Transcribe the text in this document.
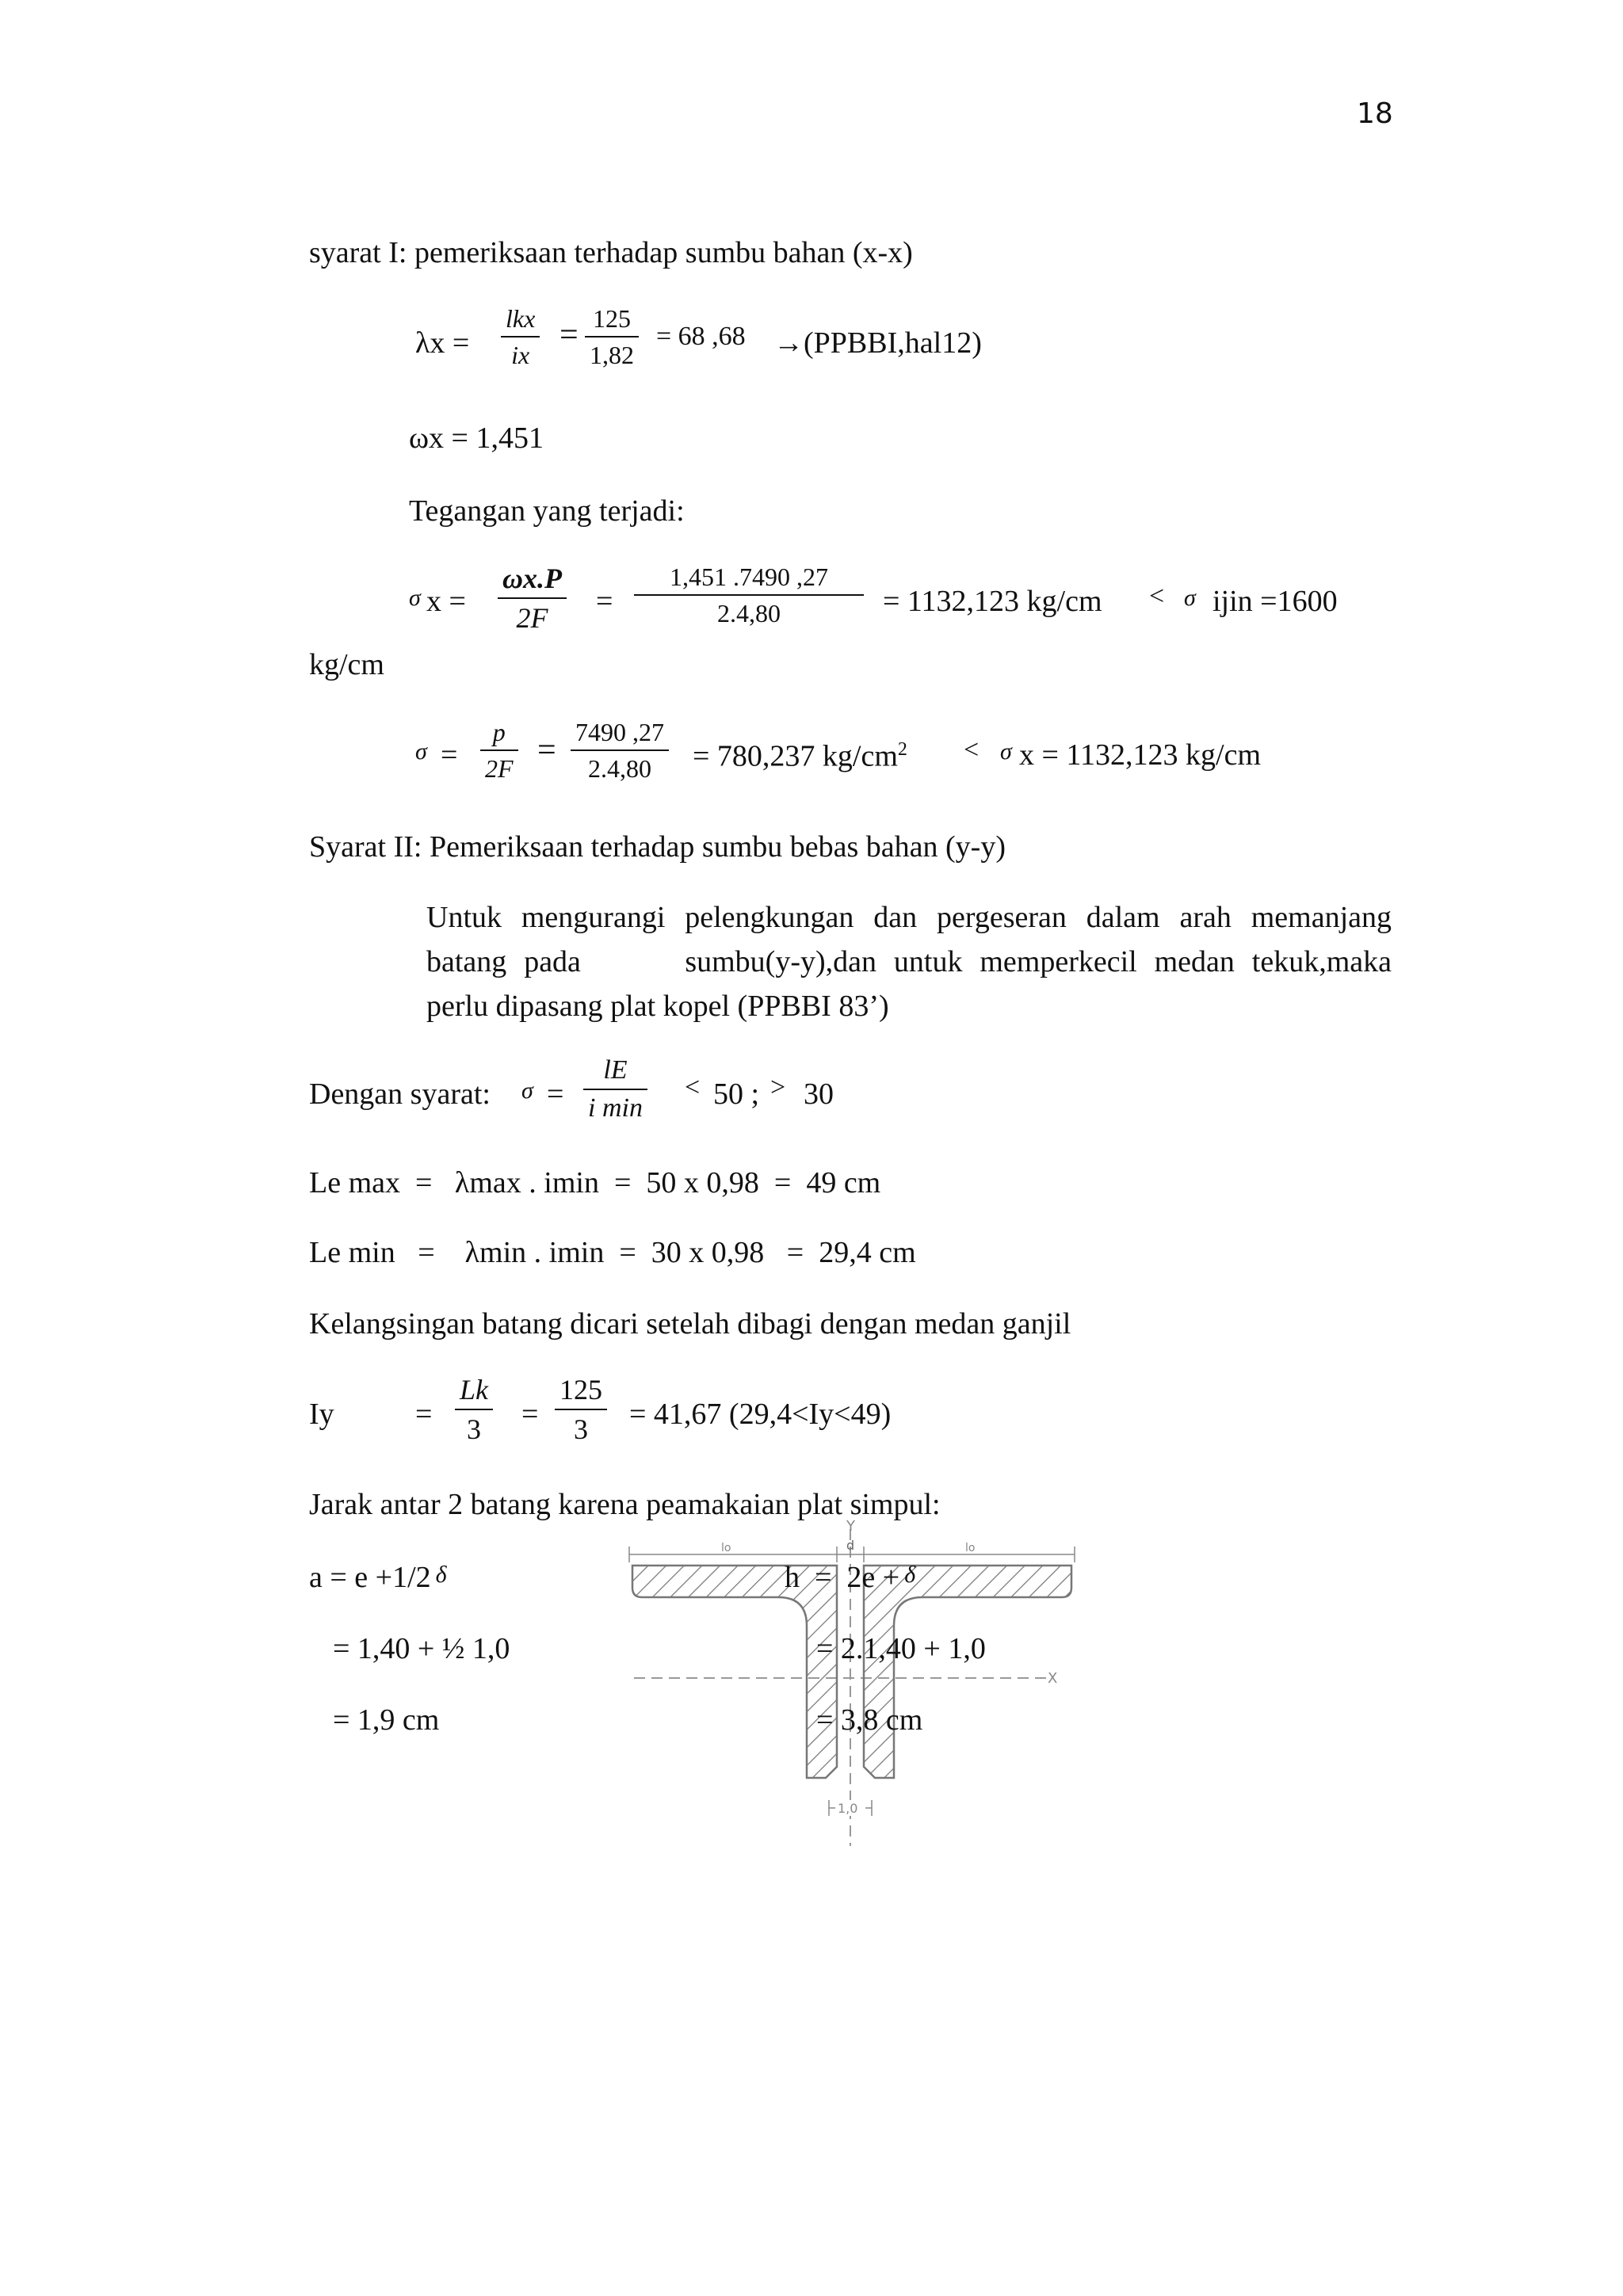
18
syarat I: pemeriksaan terhadap sumbu bahan (x-x)
λx =
lkx
ix
= $\frac{125}{1,82} = 68$ ,68 →(PPBBI,hal12)
ωx = 1,451
Tegangan yang terjadi:
σ $x = \frac{\omega x.P}{2F} = \frac{1,451 .7490 ,27}{2.4,80} = 1132,123$ kg/cm < σ ijin =1600
kg/cm
$\sigma = \frac{p}{2F} = \frac{7490 ,27}{2.4,80} = 780,237$ $kg/cm^2 < \sigma$ x = 1132,123 kg/cm
Syarat II: Pemeriksaan terhadap sumbu bebas bahan (y-y)
Untuk mengurangi pelengkungan dan pergeseran dalam arah memanjang
batang pada      sumbu(y-y),dan untuk memperkecil medan tekuk,maka
perlu dipasang plat kopel (PPBBI 83’)
Dengan syarat: σ =
lE
i min
< 50 ; > 30
Le max  =   λmax . imin  =  50 x 0,98  =  49 cm
Le min   =    λmin . imin  =  30 x 0,98   =  29,4 cm
Kelangsingan batang dicari setelah dibagi dengan medan ganjil
Iy	= $\frac{Lk}{3} = \frac{125}{3} = 41,67$ (29,4<Iy<49)
Jarak antar 2 batang karena peamakaian plat simpul:
Y
X
lo	lo
d
1,0
a = e +1/2 δ
= 1,40 + ½ 1,0
= 1,9 cm
h  =  2e + δ
= 2.1,40 + 1,0
= 3,8 cm
